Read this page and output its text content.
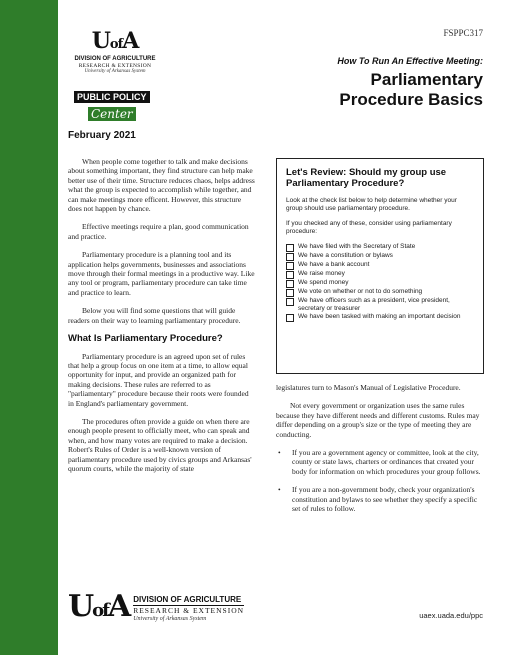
UofA
DIVISION OF AGRICULTURE
RESEARCH & EXTENSION
University of Arkansas System
PUBLIC POLICY
Center
FSPPC317
How To Run An Effective Meeting:
Parliamentary
Procedure Basics
February 2021

When people come together to talk and make decisions about something important, they find structure can help make better use of their time. Structure reduces chaos, helps address what the group is expected to accomplish while together, and can make meetings more efficent. However, this structure does not happen by chance.

Effective meetings require a plan, good communication and practice.

Parliamentary procedure is a planning tool and its application helps governments, businesses and associations move through their formal meetings in a productive way. Like any tool or program, parliamentary procedure can take time and practice to learn.

Below you will find some questions that will guide readers on their way to learning parliamentary procedure.

What Is Parliamentary Procedure?

Parliamentary procedure is an agreed upon set of rules that help a group focus on one item at a time, to allow equal opportunity for input, and provide an organized path for making decisions. These rules are referred to as "parliamentary" procedure because their roots were founded in England's parliamentary government.

The procedures often provide a guide on when there are enough people present to officially meet, who can speak and when, and how many votes are required to make a decision. Robert's Rules of Order is a well-known version of parliamentary procedure used by civics groups and Arkansas' quorum courts, while the majority of state

Let's Review: Should my group use Parliamentary Procedure?

Look at the check list below to help determine whether your group should use parliamentary procedure.

If you checked any of these, consider using parliamentary procedure:

We have filed with the Secretary of State
We have a constitution or bylaws
We have a bank account
We raise money
We spend money
We vote on whether or not to do something
We have officers such as a president, vice president, secretary or treasurer
We have been tasked with making an important decision

legislatures turn to Mason's Manual of Legislative Procedure.

Not every government or organization uses the same rules because they have different needs and different customs. Rules may differ depending on a group's size or the type of meeting they are conducting.

•	If you are a government agency or committee, look at the city, county or state laws, charters or ordinances that created your body for information on which procedures your group follows.
•	If you are a non-government body, check your organization's constitution and bylaws to see whether they specify a specific set of rules to follow.
UofA DIVISION OF AGRICULTURE
RESEARCH & EXTENSION
University of Arkansas System	uaex.uada.edu/ppc
